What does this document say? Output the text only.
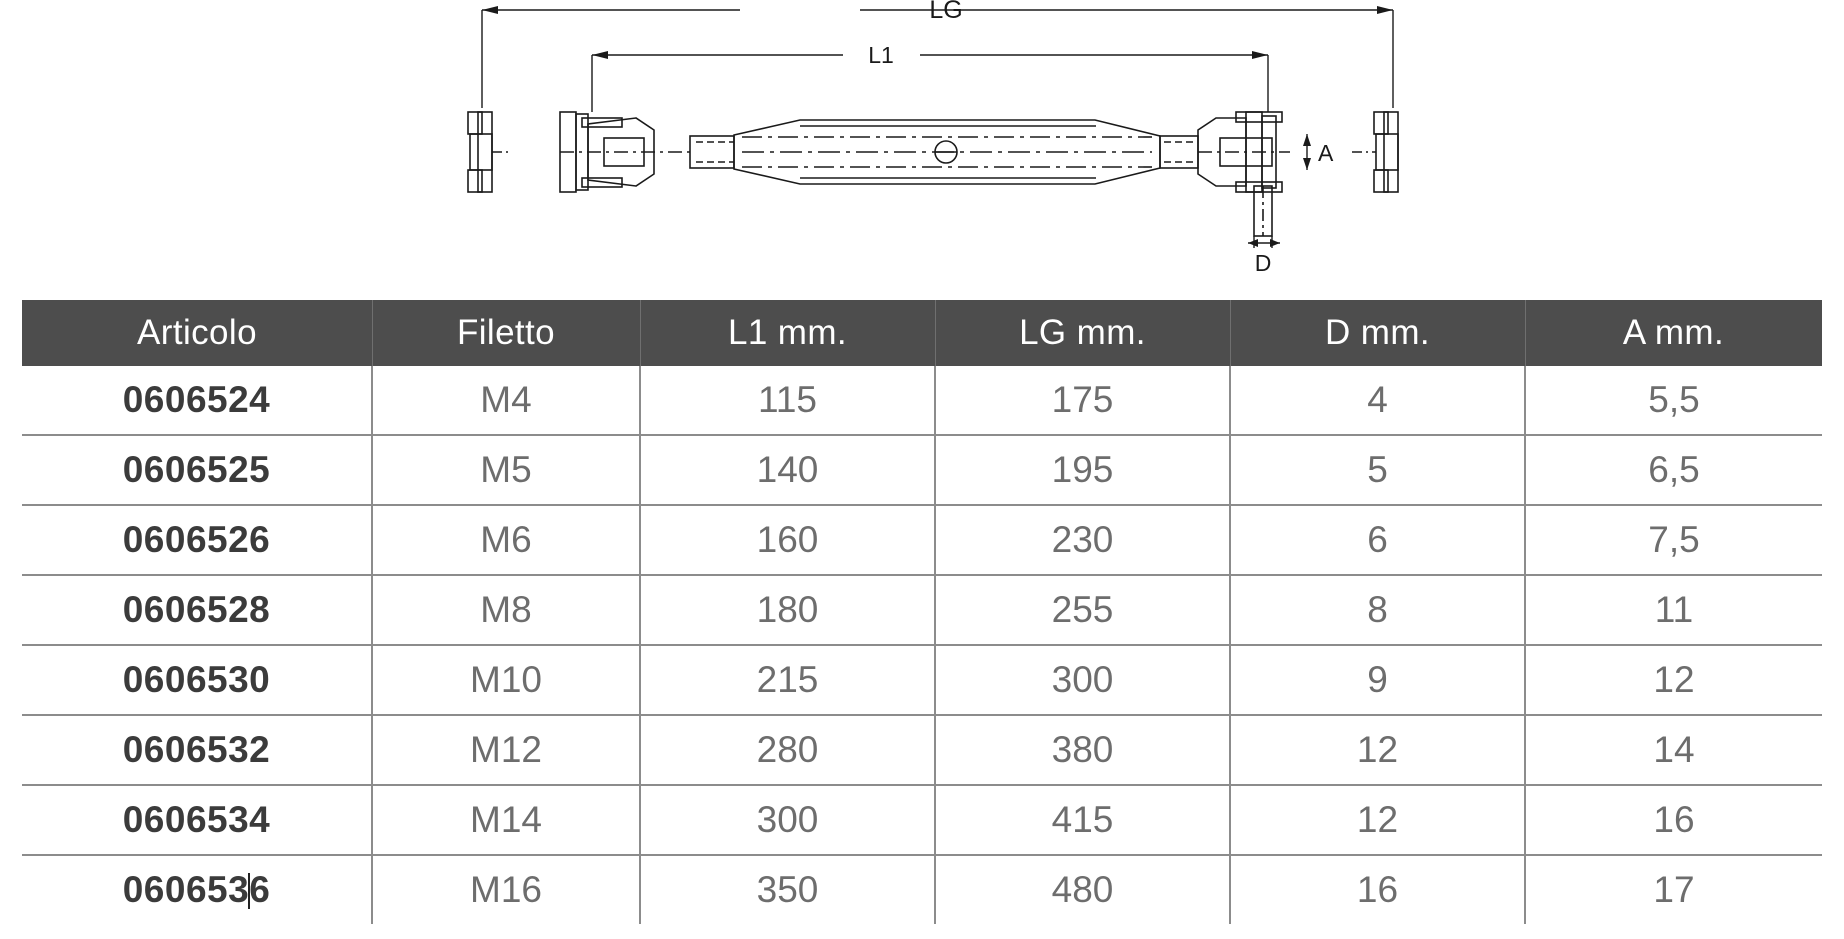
LG
L1
A
D
Articolo	Filetto	L1 mm.	LG mm.	D mm.	A mm.
0606524	M4	115	175	4	5,5
0606525	M5	140	195	5	6,5
0606526	M6	160	230	6	7,5
0606528	M8	180	255	8	11
0606530	M10	215	300	9	12
0606532	M12	280	380	12	14
0606534	M14	300	415	12	16
0606536	M16	350	480	16	17
